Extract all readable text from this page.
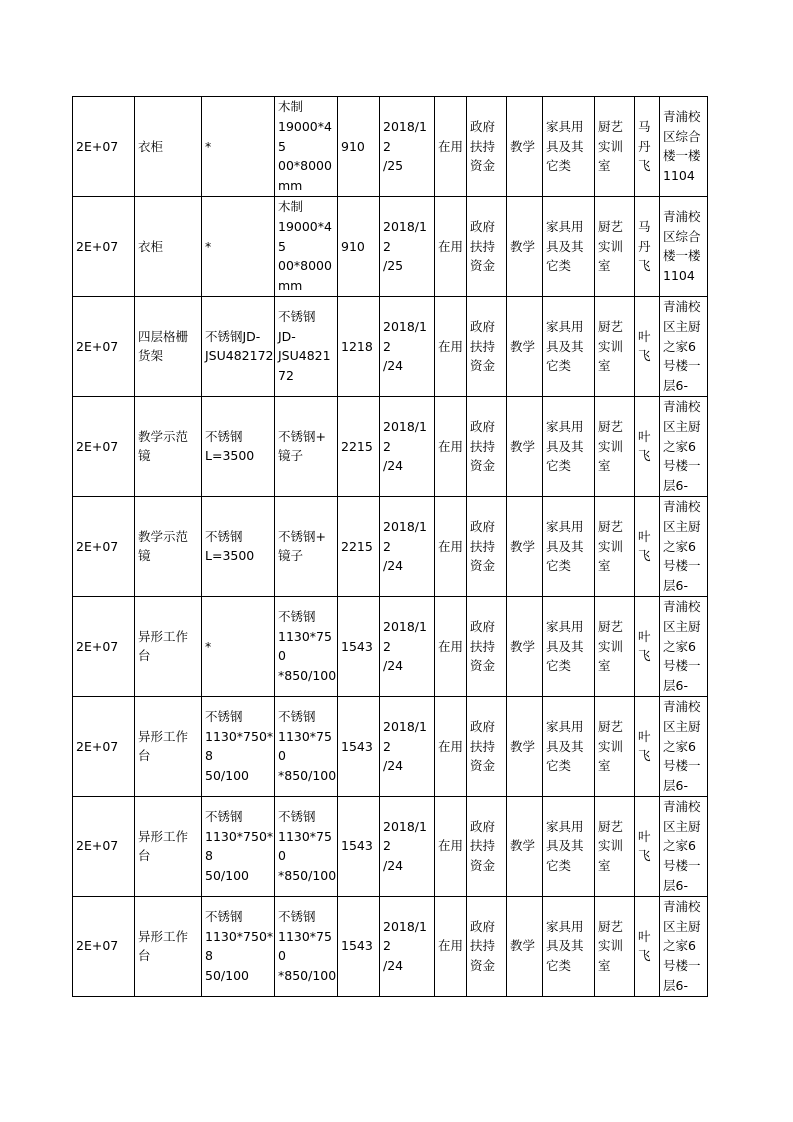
2E+07	衣柜	*	木制
19000*45
00*8000
mm	910	2018/12
/25	在用	政府
扶持
资金	教学	家具用
具及其
它类	厨艺
实训
室	马
丹
飞	青浦校
区综合
楼一楼
1104

2E+07	衣柜	*	木制
19000*45
00*8000
mm	910	2018/12
/25	在用	政府
扶持
资金	教学	家具用
具及其
它类	厨艺
实训
室	马
丹
飞	青浦校
区综合
楼一楼
1104

2E+07	四层格栅
货架	不锈钢JD-
JSU482172	不锈钢
JD-
JSU4821
72	1218	2018/12
/24	在用	政府
扶持
资金	教学	家具用
具及其
它类	厨艺
实训
室	叶
飞	青浦校
区主厨
之家6
号楼一
层6-

2E+07	教学示范
镜	不锈钢
L=3500	不锈钢+
镜子	2215	2018/12
/24	在用	政府
扶持
资金	教学	家具用
具及其
它类	厨艺
实训
室	叶
飞	青浦校
区主厨
之家6
号楼一
层6-

2E+07	教学示范
镜	不锈钢
L=3500	不锈钢+
镜子	2215	2018/12
/24	在用	政府
扶持
资金	教学	家具用
具及其
它类	厨艺
实训
室	叶
飞	青浦校
区主厨
之家6
号楼一
层6-

2E+07	异形工作
台	*	不锈钢
1130*750
*850/100	1543	2018/12
/24	在用	政府
扶持
资金	教学	家具用
具及其
它类	厨艺
实训
室	叶
飞	青浦校
区主厨
之家6
号楼一
层6-

2E+07	异形工作
台	不锈钢
1130*750*8
50/100	不锈钢
1130*750
*850/100	1543	2018/12
/24	在用	政府
扶持
资金	教学	家具用
具及其
它类	厨艺
实训
室	叶
飞	青浦校
区主厨
之家6
号楼一
层6-

2E+07	异形工作
台	不锈钢
1130*750*8
50/100	不锈钢
1130*750
*850/100	1543	2018/12
/24	在用	政府
扶持
资金	教学	家具用
具及其
它类	厨艺
实训
室	叶
飞	青浦校
区主厨
之家6
号楼一
层6-

2E+07	异形工作
台	不锈钢
1130*750*8
50/100	不锈钢
1130*750
*850/100	1543	2018/12
/24	在用	政府
扶持
资金	教学	家具用
具及其
它类	厨艺
实训
室	叶
飞	青浦校
区主厨
之家6
号楼一
层6-
